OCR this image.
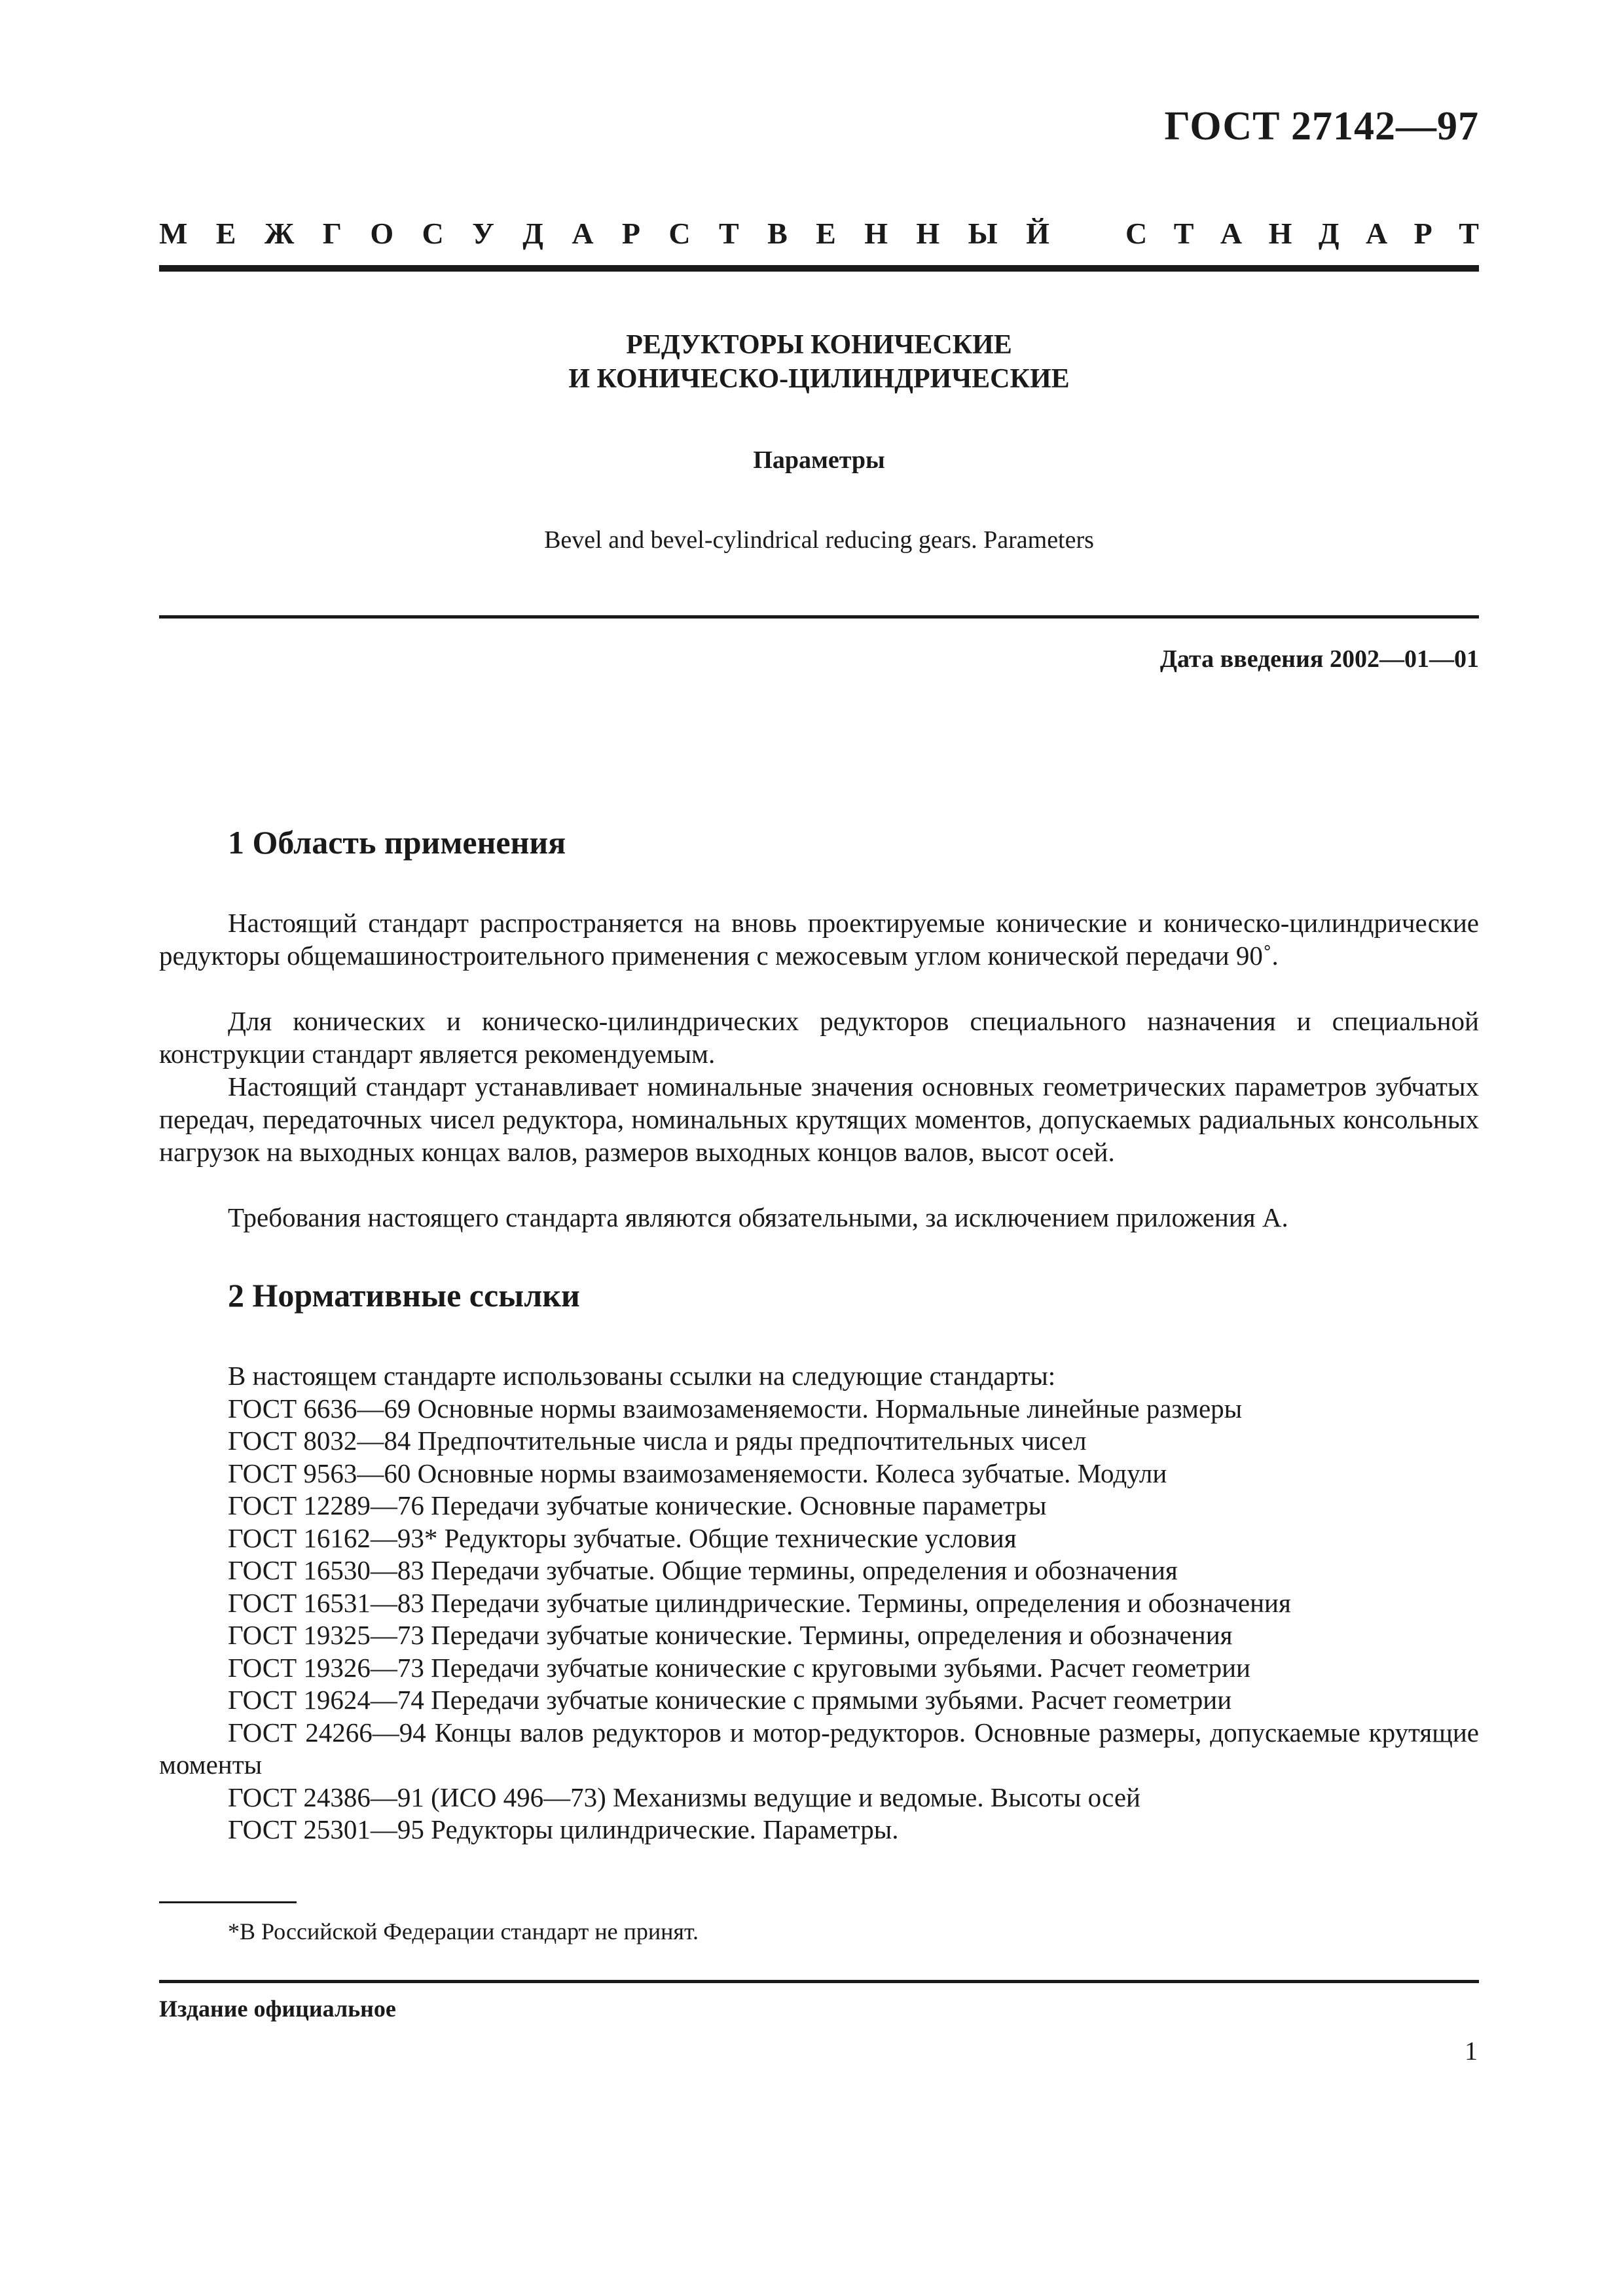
ГОСТ 27142—97
М Е Ж Г О С У Д А Р С Т В Е Н Н Ы Й	С Т А Н Д А Р Т
РЕДУКТОРЫ КОНИЧЕСКИЕ
И КОНИЧЕСКО-ЦИЛИНДРИЧЕСКИЕ
Параметры
Bevel and bevel-cylindrical reducing gears. Parameters
Дата введения 2002—01—01
1 Область применения
Настоящий стандарт распространяется на вновь проектируемые конические и коническо-цилиндрические редукторы общемашиностроительного применения с межосевым углом конической передачи 90˚.
Для конических и коническо-цилиндрических редукторов специального назначения и специальной конструкции стандарт является рекомендуемым.
Настоящий стандарт устанавливает номинальные значения основных геометрических параметров зубчатых передач, передаточных чисел редуктора, номинальных крутящих моментов, допускаемых радиальных консольных нагрузок на выходных концах валов, размеров выходных концов валов, высот осей.
Требования настоящего стандарта являются обязательными, за исключением приложения А.
2 Нормативные ссылки
В настоящем стандарте использованы ссылки на следующие стандарты:
ГОСТ 6636—69 Основные нормы взаимозаменяемости. Нормальные линейные размеры
ГОСТ 8032—84 Предпочтительные числа и ряды предпочтительных чисел
ГОСТ 9563—60 Основные нормы взаимозаменяемости. Колеса зубчатые. Модули
ГОСТ 12289—76 Передачи зубчатые конические. Основные параметры
ГОСТ 16162—93* Редукторы зубчатые. Общие технические условия
ГОСТ 16530—83 Передачи зубчатые. Общие термины, определения и обозначения
ГОСТ 16531—83 Передачи зубчатые цилиндрические. Термины, определения и обозначения
ГОСТ 19325—73 Передачи зубчатые конические. Термины, определения и обозначения
ГОСТ 19326—73 Передачи зубчатые конические с круговыми зубьями. Расчет геометрии
ГОСТ 19624—74 Передачи зубчатые конические с прямыми зубьями. Расчет геометрии
ГОСТ 24266—94 Концы валов редукторов и мотор-редукторов. Основные размеры, допускаемые крутящие моменты
ГОСТ 24386—91 (ИСО 496—73) Механизмы ведущие и ведомые. Высоты осей
ГОСТ 25301—95 Редукторы цилиндрические. Параметры.
*В Российской Федерации стандарт не принят.
Издание официальное
1
